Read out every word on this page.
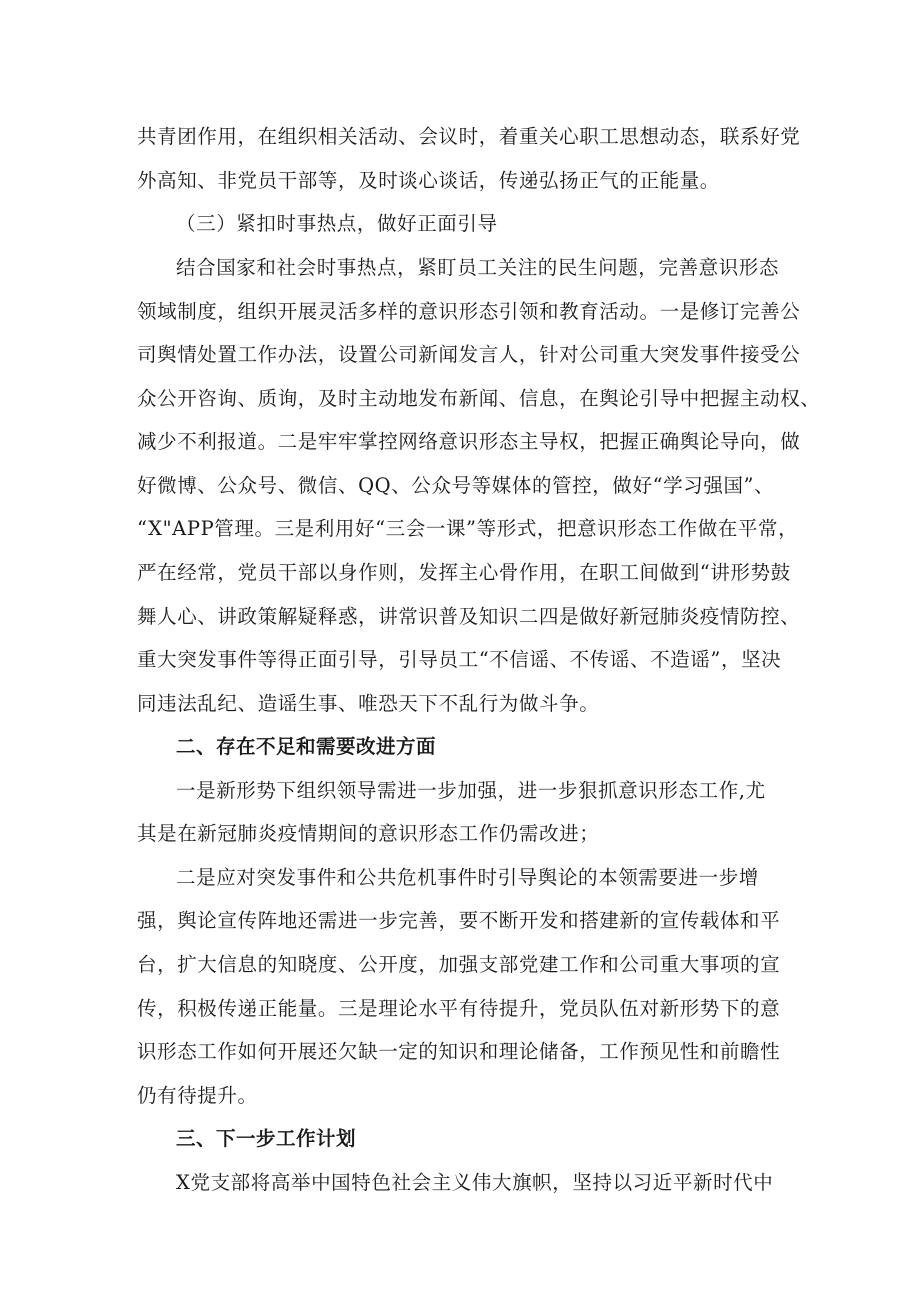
共青团作用，在组织相关活动、会议时，着重关心职工思想动态，联系好党
外高知、非党员干部等，及时谈心谈话，传递弘扬正气的正能量。
（三）紧扣时事热点，做好正面引导
结合国家和社会时事热点，紧盯员工关注的民生问题，完善意识形态
领域制度，组织开展灵活多样的意识形态引领和教育活动。一是修订完善公
司舆情处置工作办法，设置公司新闻发言人，针对公司重大突发事件接受公
众公开咨询、质询，及时主动地发布新闻、信息，在舆论引导中把握主动权、
减少不利报道。二是牢牢掌控网络意识形态主导权，把握正确舆论导向，做
好微博、公众号、微信、QQ、公众号等媒体的管控，做好“学习强国”、
“X"APP管理。三是利用好“三会一课”等形式，把意识形态工作做在平常，
严在经常，党员干部以身作则，发挥主心骨作用，在职工间做到“讲形势鼓
舞人心、讲政策解疑释惑，讲常识普及知识二四是做好新冠肺炎疫情防控、
重大突发事件等得正面引导，引导员工“不信谣、不传谣、不造谣”，坚决
同违法乱纪、造谣生事、唯恐天下不乱行为做斗争。
二、存在不足和需要改进方面
一是新形势下组织领导需进一步加强，进一步狠抓意识形态工作,尤
其是在新冠肺炎疫情期间的意识形态工作仍需改进；
二是应对突发事件和公共危机事件时引导舆论的本领需要进一步增
强，舆论宣传阵地还需进一步完善，要不断开发和搭建新的宣传载体和平
台，扩大信息的知晓度、公开度，加强支部党建工作和公司重大事项的宣
传，积极传递正能量。三是理论水平有待提升，党员队伍对新形势下的意
识形态工作如何开展还欠缺一定的知识和理论储备，工作预见性和前瞻性
仍有待提升。
三、下一步工作计划
X党支部将高举中国特色社会主义伟大旗帜，坚持以习近平新时代中
